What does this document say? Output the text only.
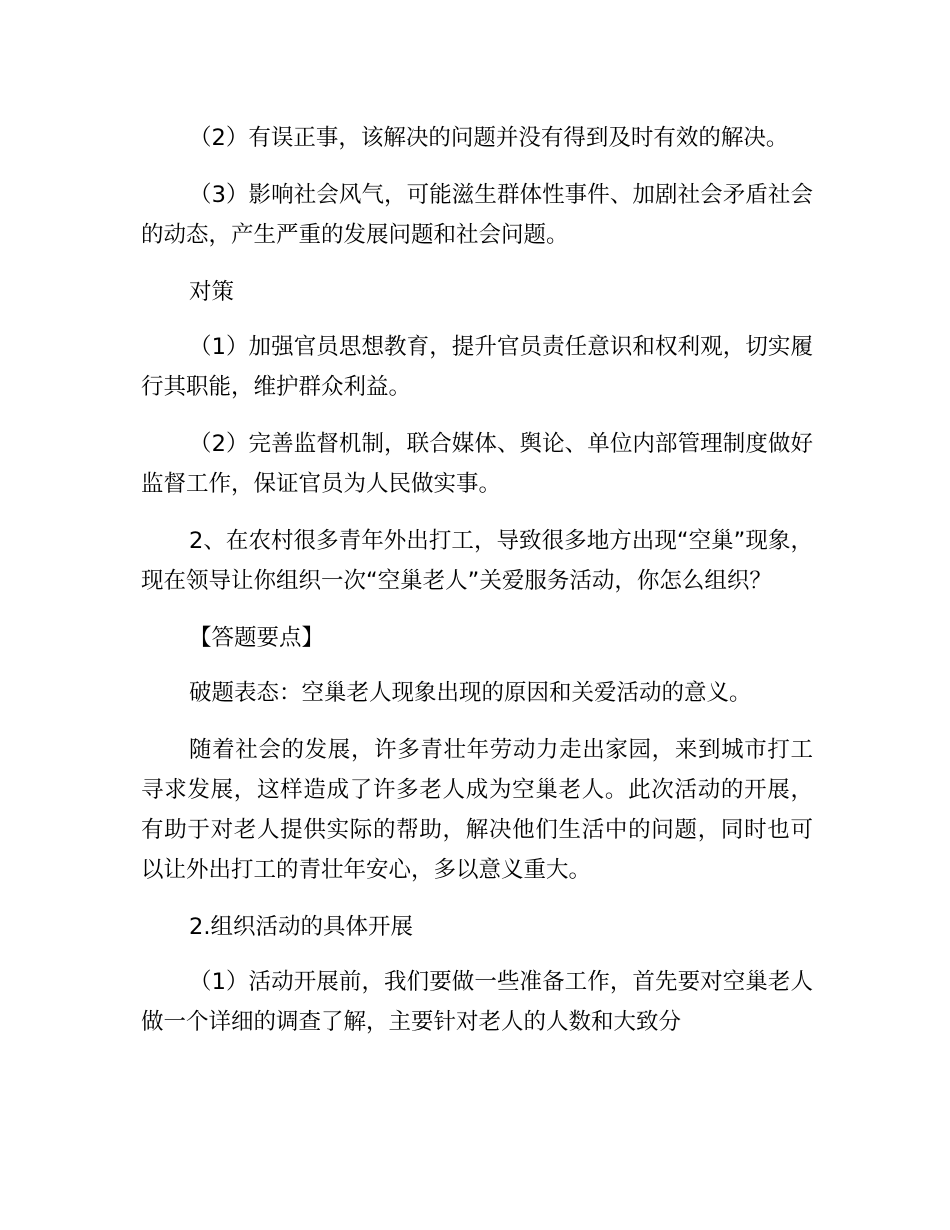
（2）有误正事，该解决的问题并没有得到及时有效的解决。

（3）影响社会风气，可能滋生群体性事件、加剧社会矛盾社会的动态，产生严重的发展问题和社会问题。

对策

（1）加强官员思想教育，提升官员责任意识和权利观，切实履行其职能，维护群众利益。

（2）完善监督机制，联合媒体、舆论、单位内部管理制度做好监督工作，保证官员为人民做实事。

2、在农村很多青年外出打工，导致很多地方出现“空巢”现象，现在领导让你组织一次“空巢老人”关爱服务活动，你怎么组织？

【答题要点】

破题表态：空巢老人现象出现的原因和关爱活动的意义。

随着社会的发展，许多青壮年劳动力走出家园，来到城市打工寻求发展，这样造成了许多老人成为空巢老人。此次活动的开展，有助于对老人提供实际的帮助，解决他们生活中的问题，同时也可以让外出打工的青壮年安心，多以意义重大。

2.组织活动的具体开展

（1）活动开展前，我们要做一些准备工作，首先要对空巢老人做一个详细的调查了解，主要针对老人的人数和大致分
